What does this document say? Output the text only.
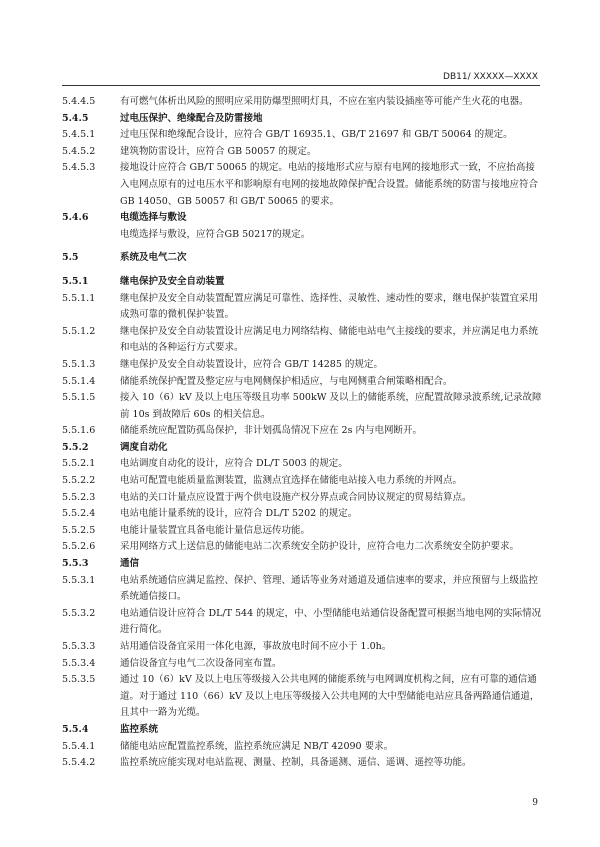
DB11/ XXXXX—XXXX
5.4.4.5	有可燃气体析出风险的照明应采用防爆型照明灯具，不应在室内装设插座等可能产生火花的电器。
5.4.5	过电压保护、绝缘配合及防雷接地
5.4.5.1	过电压保和绝缘配合设计，应符合 GB/T 16935.1、GB/T 21697 和 GB/T 50064 的规定。
5.4.5.2	建筑物防雷设计，应符合 GB 50057 的规定。
5.4.5.3	接地设计应符合 GB/T 50065 的规定。电站的接地形式应与原有电网的接地形式一致，不应抬高接入电网点原有的过电压水平和影响原有电网的接地故障保护配合设置。储能系统的防雷与接地应符合 GB 14050、GB 50057 和 GB/T 50065 的要求。
5.4.6	电缆选择与敷设
电缆选择与敷设，应符合GB 50217的规定。
5.5	系统及电气二次
5.5.1	继电保护及安全自动装置
5.5.1.1	继电保护及安全自动装置配置应满足可靠性、选择性、灵敏性、速动性的要求，继电保护装置宜采用成熟可靠的微机保护装置。
5.5.1.2	继电保护及安全自动装置设计应满足电力网络结构、储能电站电气主接线的要求，并应满足电力系统和电站的各种运行方式要求。
5.5.1.3	继电保护及安全自动装置设计，应符合 GB/T 14285 的规定。
5.5.1.4	储能系统保护配置及整定应与电网侧保护相适应，与电网侧重合闸策略相配合。
5.5.1.5	接入 10（6）kV 及以上电压等级且功率 500kW 及以上的储能系统，应配置故障录波系统,记录故障前 10s 到故障后 60s 的相关信息。
5.5.1.6	储能系统应配置防孤岛保护，非计划孤岛情况下应在 2s 内与电网断开。
5.5.2	调度自动化
5.5.2.1	电站调度自动化的设计，应符合 DL/T 5003 的规定。
5.5.2.2	电站可配置电能质量监测装置，监测点宜选择在储能电站接入电力系统的并网点。
5.5.2.3	电站的关口计量点应设置于两个供电设施产权分界点或合同协议规定的贸易结算点。
5.5.2.4	电站电能计量系统的设计，应符合 DL/T 5202 的规定。
5.5.2.5	电能计量装置宜具备电能计量信息远传功能。
5.5.2.6	采用网络方式上送信息的储能电站二次系统安全防护设计，应符合电力二次系统安全防护要求。
5.5.3	通信
5.5.3.1	电站系统通信应满足监控、保护、管理、通话等业务对通道及通信速率的要求，并应预留与上级监控系统通信接口。
5.5.3.2	电站通信设计应符合 DL/T 544 的规定，中、小型储能电站通信设备配置可根据当地电网的实际情况进行简化。
5.5.3.3	站用通信设备宜采用一体化电源，事故放电时间不应小于 1.0h。
5.5.3.4	通信设备宜与电气二次设备同室布置。
5.5.3.5	通过 10（6）kV 及以上电压等级接入公共电网的储能系统与电网调度机构之间，应有可靠的通信通道。对于通过 110（66）kV 及以上电压等级接入公共电网的大中型储能电站应具备两路通信通道，且其中一路为光缆。
5.5.4	监控系统
5.5.4.1	储能电站应配置监控系统，监控系统应满足 NB/T 42090 要求。
5.5.4.2	监控系统应能实现对电站监视、测量、控制，具备遥测、遥信、遥调、遥控等功能。
9
